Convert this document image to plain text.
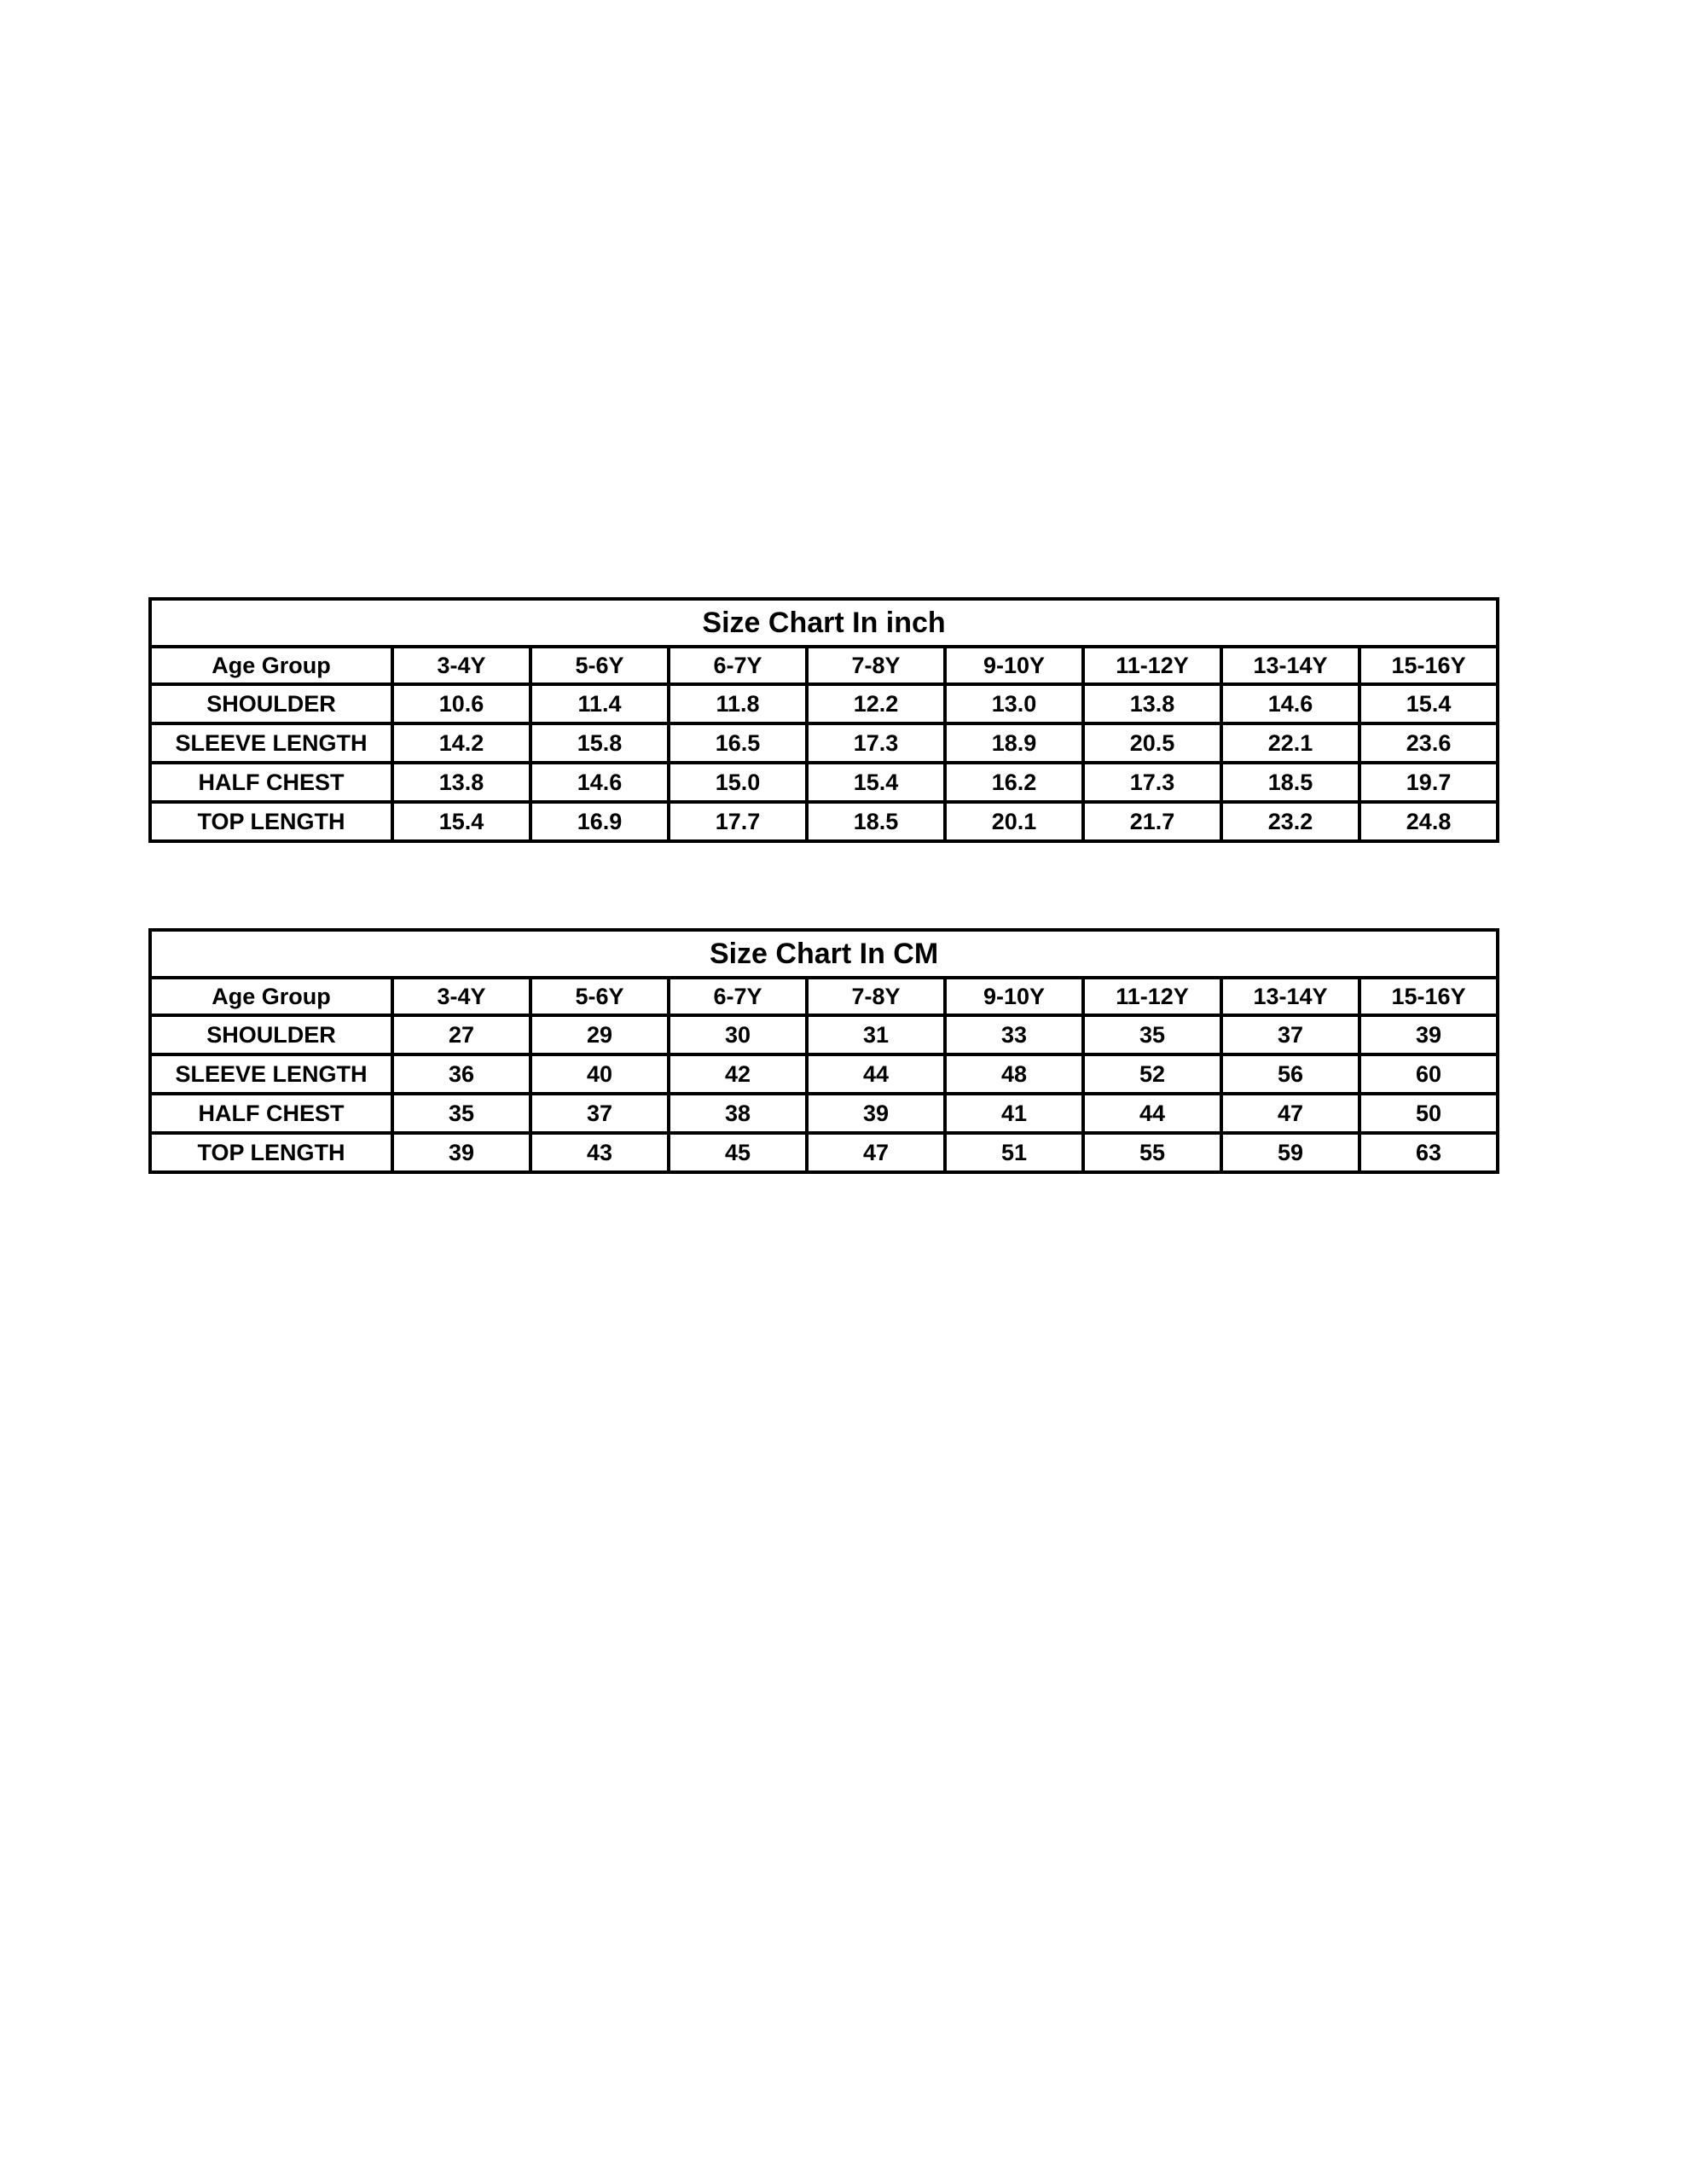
Size Chart In inch								
Age Group	3-4Y	5-6Y	6-7Y	7-8Y	9-10Y	11-12Y	13-14Y	15-16Y
SHOULDER	10.6	11.4	11.8	12.2	13.0	13.8	14.6	15.4
SLEEVE LENGTH	14.2	15.8	16.5	17.3	18.9	20.5	22.1	23.6
HALF CHEST	13.8	14.6	15.0	15.4	16.2	17.3	18.5	19.7
TOP LENGTH	15.4	16.9	17.7	18.5	20.1	21.7	23.2	24.8
Size Chart In CM								
Age Group	3-4Y	5-6Y	6-7Y	7-8Y	9-10Y	11-12Y	13-14Y	15-16Y
SHOULDER	27	29	30	31	33	35	37	39
SLEEVE LENGTH	36	40	42	44	48	52	56	60
HALF CHEST	35	37	38	39	41	44	47	50
TOP LENGTH	39	43	45	47	51	55	59	63
